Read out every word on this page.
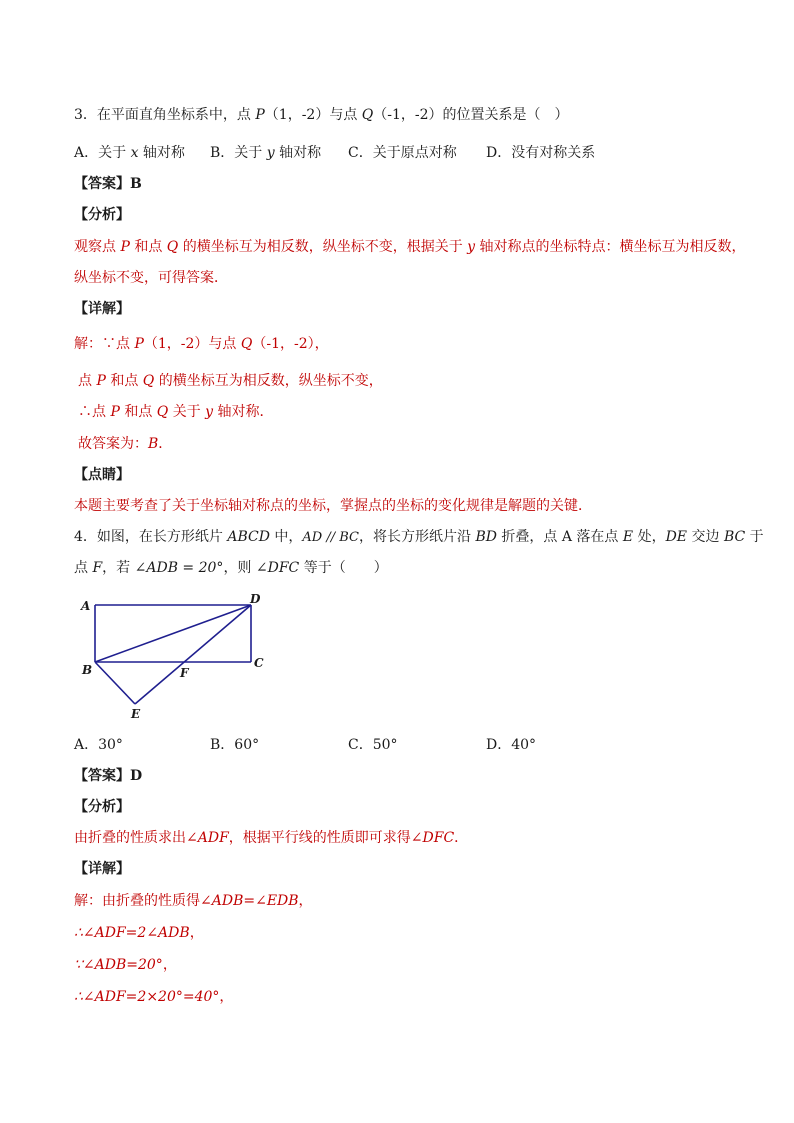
3．在平面直角坐标系中，点 P（1，-2）与点 Q（-1，-2）的位置关系是（　）
A．关于 x 轴对称 B．关于 y 轴对称 C．关于原点对称 D．没有对称关系
【答案】B
【分析】
观察点 P 和点 Q 的横坐标互为相反数，纵坐标不变，根据关于 y 轴对称点的坐标特点：横坐标互为相反数，
纵坐标不变，可得答案．
【详解】
解：∵点 P（1，-2）与点 Q（-1，-2），
点 P 和点 Q 的横坐标互为相反数，纵坐标不变，
∴点 P 和点 Q 关于 y 轴对称．
故答案为：B．
【点睛】
本题主要考查了关于坐标轴对称点的坐标，掌握点的坐标的变化规律是解题的关键．
4．如图，在长方形纸片 ABCD 中，AD // BC，将长方形纸片沿 BD 折叠，点 A 落在点 E 处，DE 交边 BC 于
点 F，若 ∠ADB = 20°，则 ∠DFC 等于（　　）
A	D
B	C
F
E
A．30°	B．60°	C．50°	D．40°
【答案】D
【分析】
由折叠的性质求出∠ADF，根据平行线的性质即可求得∠DFC．
【详解】
解：由折叠的性质得∠ADB=∠EDB，
∴∠ADF=2∠ADB，
∵∠ADB=20°，
∴∠ADF=2×20°=40°，
